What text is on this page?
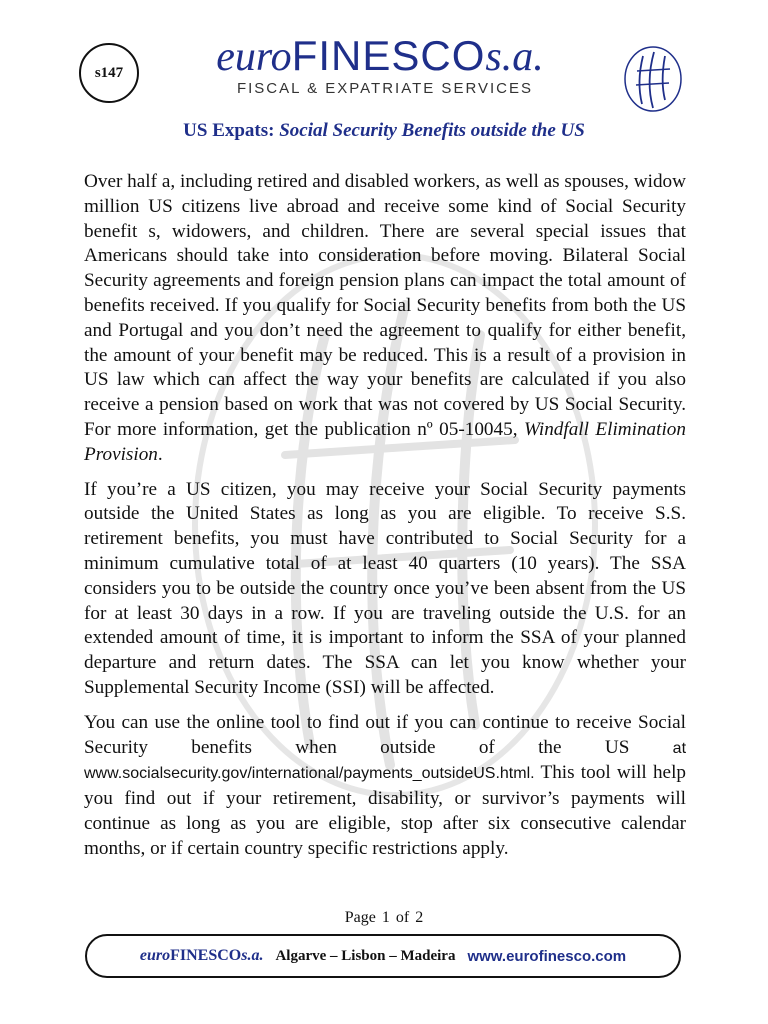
s147	euroFINESCOs.a.
FISCAL & EXPATRIATE SERVICES
US Expats: Social Security Benefits outside the US

Over half a, including retired and disabled workers, as well as spouses, widow million US citizens live abroad and receive some kind of Social Security benefit s, widowers, and children. There are several special issues that Americans should take into consideration before moving. Bilateral Social Security agreements and foreign pension plans can impact the total amount of benefits received. If you qualify for Social Security benefits from both the US and Portugal and you don’t need the agreement to qualify for either benefit, the amount of your benefit may be reduced. This is a result of a provision in US law which can affect the way your benefits are calculated if you also receive a pension based on work that was not covered by US Social Security. For more information, get the publication nº 05-10045, Windfall Elimination Provision.

If you’re a US citizen, you may receive your Social Security payments outside the United States as long as you are eligible. To receive S.S. retirement benefits, you must have contributed to Social Security for a minimum cumulative total of at least 40 quarters (10 years). The SSA considers you to be outside the country once you’ve been absent from the US for at least 30 days in a row. If you are traveling outside the U.S. for an extended amount of time, it is important to inform the SSA of your planned departure and return dates. The SSA can let you know whether your Supplemental Security Income (SSI) will be affected.

You can use the online tool to find out if you can continue to receive Social Security benefits when outside of the US	at www.socialsecurity.gov/international/payments_outsideUS.html. This tool will help you find out if your retirement, disability, or survivor’s payments will continue as long as you are eligible, stop after six consecutive calendar months, or if certain country specific restrictions apply.

Page 1 of 2
euroFINESCOs.a. Algarve – Lisbon – Madeira www.eurofinesco.com
